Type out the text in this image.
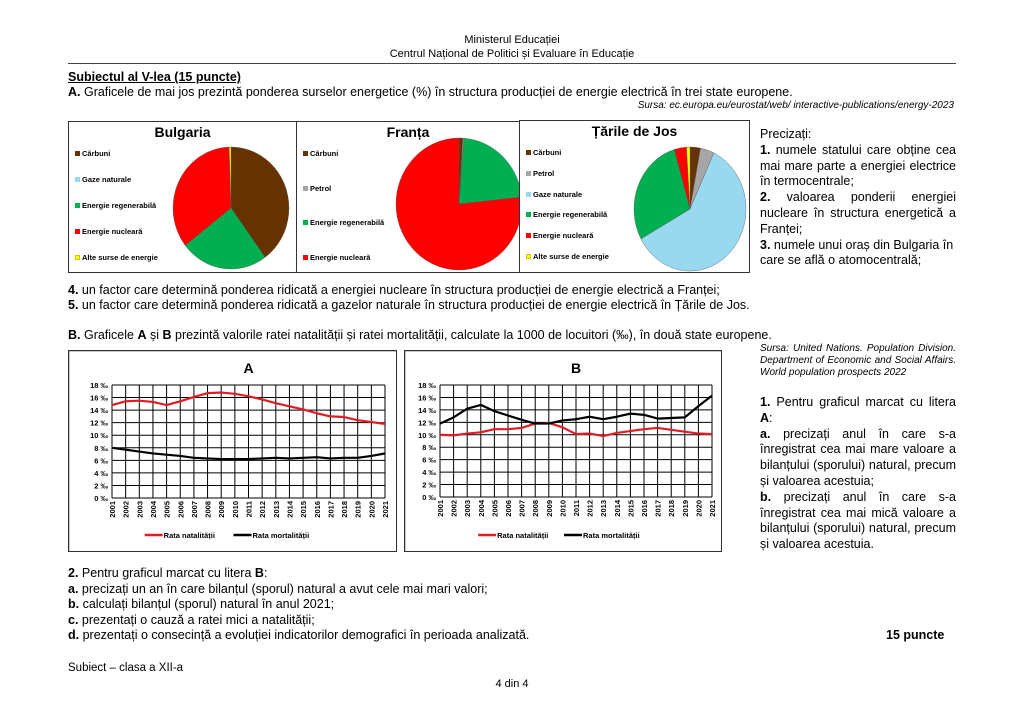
Ministerul Educației
Centrul Național de Politici și Evaluare în Educație
Subiectul al V-lea (15 puncte)
A. Graficele de mai jos prezintă ponderea surselor energetice (%) în structura producției de energie electrică în trei state europene.
Sursa: ec.europa.eu/eurostat/web/ interactive-publications/energy-2023
Bulgaria
Cărbuni
Gaze naturale
Energie regenerabilă
Energie nucleară
Alte surse de energie
Franța
Cărbuni
Petrol
Energie regenerabilă
Energie nucleară
Țările de Jos
Cărbuni
Petrol
Gaze naturale
Energie regenerabilă
Energie nucleară
Alte surse de energie
Precizați:
1. numele statului care obține cea mai mare parte a energiei electrice în termocentrale;
2. valoarea ponderii energiei nucleare în structura energetică a Franței;
3. numele unui oraș din Bulgaria în care se află o atomocentrală;
4. un factor care determină ponderea ridicată a energiei nucleare în structura producției de energie electrică a Franței;
5. un factor care determină ponderea ridicată a gazelor naturale în structura producției de energie electrică în Țările de Jos.
B. Graficele A și B prezintă valorile ratei natalității și ratei mortalității, calculate la 1000 de locuitori (‰), în două state europene.
Sursa: United Nations. Population Division.
Department of Economic and Social Affairs.
World population prospects 2022
A
0 ‰
2 ‰
4 ‰
6 ‰
8 ‰
10 ‰
12 ‰
14 ‰
16 ‰
18 ‰
2001 2002 2003 2004 2005 2006 2007 2008 2009 2010 2011 2012 2013 2014 2015 2016 2017 2018 2019 2020 2021
Rata natalității	Rata mortalității
B
0 ‰
2 ‰
4 ‰
6 ‰
8 ‰
10 ‰
12 ‰
14 ‰
16 ‰
18 ‰
2001 2002 2003 2004 2005 2006 2007 2008 2009 2010 2011 2012 2013 2014 2015 2016 2017 2018 2019 2020 2021
Rata natalității	Rata mortalității
1. Pentru graficul marcat cu litera A:
a. precizați anul în care s-a înregistrat cea mai mare valoare a bilanțului (sporului) natural, precum și valoarea acestuia;
b. precizați anul în care s-a înregistrat cea mai mică valoare a bilanțului (sporului) natural, precum și valoarea acestuia.
2. Pentru graficul marcat cu litera B:
a. precizați un an în care bilanțul (sporul) natural a avut cele mai mari valori;
b. calculați bilanțul (sporul) natural în anul 2021;
c. prezentați o cauză a ratei mici a natalității;
d. prezentați o consecință a evoluției indicatorilor demografici în perioada analizată.	15 puncte
Subiect – clasa a XII-a
4 din 4
